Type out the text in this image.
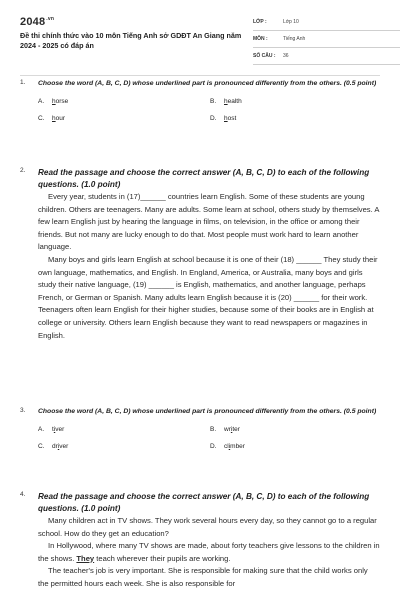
$2048^{.vn}$
Đề thi chính thức vào 10 môn Tiếng Anh sở GDĐT An Giang năm 2024 - 2025 có đáp án
LỚP :	Lớp 10
MÔN :	Tiếng Anh
SỐ CÂU :	36
1. Choose the word (A, B, C, D) whose underlined part is pronounced differently from the others. (0.5 point)
A. horse	B. health
C. hour	D. host
2. Read the passage and choose the correct answer (A, B, C, D) to each of the following questions. (1.0 point)

Every year, students in (17)______ countries learn English. Some of these students are young children. Others are teenagers. Many are adults. Some learn at school, others study by themselves. A few learn English just by hearing the language in films, on television, in the office or among their friends. But not many are lucky enough to do that. Most people must work hard to learn another language.

Many boys and girls learn English at school because it is one of their (18) ______ They study their own language, mathematics, and English. In England, America, or Australia, many boys and girls study their native language, (19) ______ is English, mathematics, and another language, perhaps French, or German or Spanish. Many adults learn English because it is (20) ______ for their work. Teenagers often learn English for their higher studies, because some of their books are in English at college or university. Others learn English because they want to read newspapers or magazines in English.

3. Choose the word (A, B, C, D) whose underlined part is pronounced differently from the others. (0.5 point)
A. tiver	B. writer
C. driver	D. climber
4. Read the passage and choose the correct answer (A, B, C, D) to each of the following questions. (1.0 point)

Many children act in TV shows. They work several hours every day, so they cannot go to a regular school. How do they get an education?

In Hollywood, where many TV shows are made, about forty teachers give lessons to the children in the shows. They teach wherever their pupils are working.

The teacher's job is very important. She is responsible for making sure that the child works only the permitted hours each week. She is also responsible for
